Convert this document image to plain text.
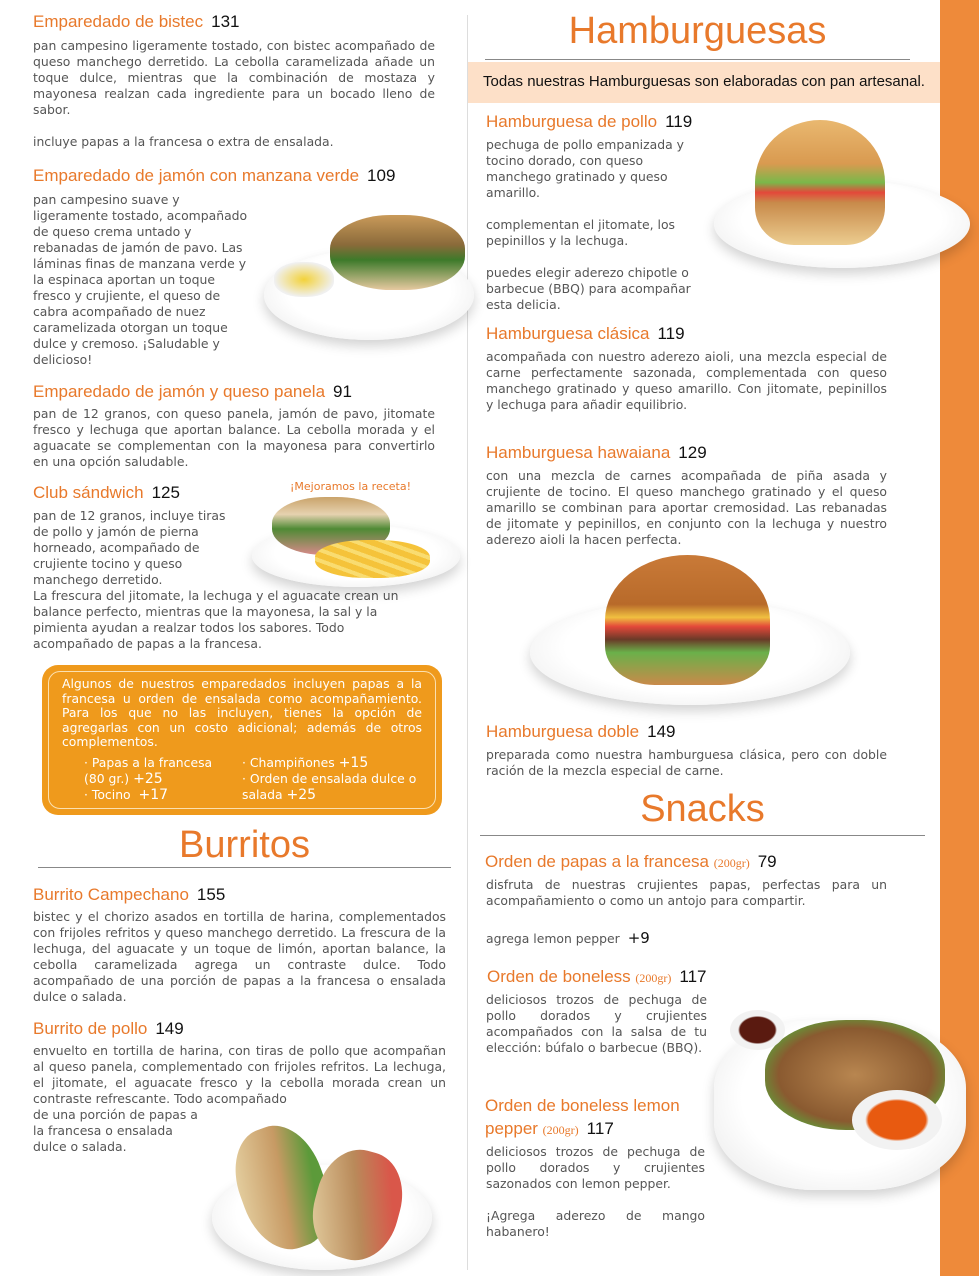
Emparedado de bistec 131

pan campesino ligeramente tostado, con bistec acompañado de queso manchego derretido. La cebolla caramelizada añade un toque dulce, mientras que la combinación de mostaza y mayonesa realzan cada ingrediente para un bocado lleno de sabor.

incluye papas a la francesa o extra de ensalada.

Emparedado de jamón con manzana verde 109
pan campesino suave y ligeramente tostado, acompañado de queso crema untado y rebanadas de jamón de pavo. Las láminas finas de manzana verde y la espinaca aportan un toque fresco y crujiente, el queso de cabra acompañado de nuez caramelizada otorgan un toque dulce y cremoso. ¡Saludable y delicioso!
Emparedado de jamón y queso panela 91
pan de 12 granos, con queso panela, jamón de pavo, jitomate fresco y lechuga que aportan balance. La cebolla morada y el aguacate se complementan con la mayonesa para convertirlo en una opción saludable.
Club sándwich 125	¡Mejoramos la receta!
pan de 12 granos, incluye tiras de pollo y jamón de pierna horneado, acompañado de crujiente tocino y queso manchego derretido.
La frescura del jitomate, la lechuga y el aguacate crean un balance perfecto, mientras que la mayonesa, la sal y la pimienta ayudan a realzar todos los sabores. Todo acompañado de papas a la francesa.
Algunos de nuestros emparedados incluyen papas a la francesa u orden de ensalada como acompañamiento. Para los que no las incluyen, tienes la opción de agregarlas con un costo adicional; además de otros complementos.
· Papas a la francesa (80 gr.) +25
· Tocino +17
· Champiñones +15
· Orden de ensalada dulce o salada +25
Burritos
Burrito Campechano 155
bistec y el chorizo asados en tortilla de harina, complementados con frijoles refritos y queso manchego derretido. La frescura de la lechuga, del aguacate y un toque de limón, aportan balance, la cebolla caramelizada agrega un contraste dulce. Todo acompañado de una porción de papas a la francesa o ensalada dulce o salada.
Burrito de pollo 149
envuelto en tortilla de harina, con tiras de pollo que acompañan al queso panela, complementado con frijoles refritos. La lechuga, el jitomate, el aguacate fresco y la cebolla morada crean un contraste refrescante. Todo acompañado
de una porción de papas a la francesa o ensalada dulce o salada.
Hamburguesas
Todas nuestras Hamburguesas son elaboradas con pan artesanal.
Hamburguesa de pollo 119

pechuga de pollo empanizada y tocino dorado, con queso manchego gratinado y queso amarillo.

complementan el jitomate, los pepinillos y la lechuga.

puedes elegir aderezo chipotle o barbecue (BBQ) para acompañar esta delicia.

Hamburguesa clásica 119
acompañada con nuestro aderezo aioli, una mezcla especial de carne perfectamente sazonada, complementada con queso manchego gratinado y queso amarillo. Con jitomate, pepinillos y lechuga para añadir equilibrio.
Hamburguesa hawaiana 129
con una mezcla de carnes acompañada de piña asada y crujiente de tocino. El queso manchego gratinado y el queso amarillo se combinan para aportar cremosidad. Las rebanadas de jitomate y pepinillos, en conjunto con la lechuga y nuestro aderezo aioli la hacen perfecta.
Hamburguesa doble 149
preparada como nuestra hamburguesa clásica, pero con doble ración de la mezcla especial de carne.
Snacks
Orden de papas a la francesa (200gr) 79
disfruta de nuestras crujientes papas, perfectas para un acompañamiento o como un antojo para compartir.
agrega lemon pepper +9
Orden de boneless (200gr) 117
deliciosos trozos de pechuga de pollo dorados y crujientes acompañados con la salsa de tu elección: búfalo o barbecue (BBQ).
Orden de boneless lemon
pepper (200gr) 117

deliciosos trozos de pechuga de pollo dorados y crujientes sazonados con lemon pepper.

¡Agrega aderezo de mango habanero!
